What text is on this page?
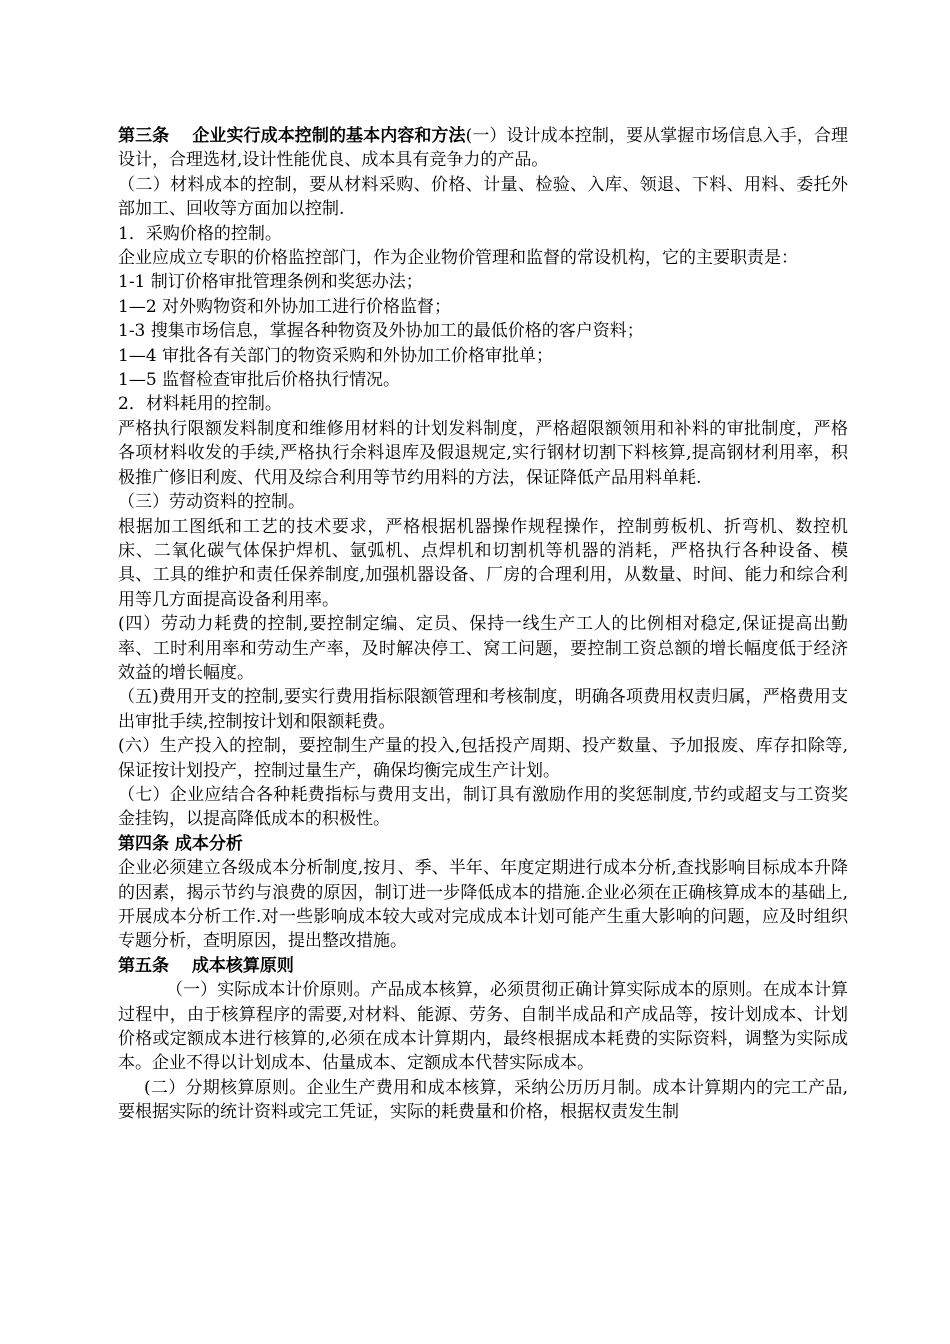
第三条　 企业实行成本控制的基本内容和方法(一）设计成本控制，要从掌握市场信息入手，合理设计，合理选材,设计性能优良、成本具有竞争力的产品。

（二）材料成本的控制，要从材料采购、价格、计量、检验、入库、领退、下料、用料、委托外部加工、回收等方面加以控制.

1．采购价格的控制。

企业应成立专职的价格监控部门，作为企业物价管理和监督的常设机构，它的主要职责是：

1-1 制订价格审批管理条例和奖惩办法；

1—2 对外购物资和外协加工进行价格监督；

1-3 搜集市场信息，掌握各种物资及外协加工的最低价格的客户资料；

1—4 审批各有关部门的物资采购和外协加工价格审批单；

1—5 监督检查审批后价格执行情况。

2．材料耗用的控制。

严格执行限额发料制度和维修用材料的计划发料制度，严格超限额领用和补料的审批制度，严格各项材料收发的手续,严格执行余料退库及假退规定,实行钢材切割下料核算,提高钢材利用率，积极推广修旧利废、代用及综合利用等节约用料的方法，保证降低产品用料单耗.

（三）劳动资料的控制。

根据加工图纸和工艺的技术要求，严格根据机器操作规程操作，控制剪板机、折弯机、数控机床、二氧化碳气体保护焊机、氩弧机、点焊机和切割机等机器的消耗，严格执行各种设备、模具、工具的维护和责任保养制度,加强机器设备、厂房的合理利用，从数量、时间、能力和综合利用等几方面提高设备利用率。

(四）劳动力耗费的控制,要控制定编、定员、保持一线生产工人的比例相对稳定,保证提高出勤率、工时利用率和劳动生产率，及时解决停工、窝工问题，要控制工资总额的增长幅度低于经济效益的增长幅度。

（五)费用开支的控制,要实行费用指标限额管理和考核制度，明确各项费用权责归属，严格费用支出审批手续,控制按计划和限额耗费。

(六）生产投入的控制，要控制生产量的投入,包括投产周期、投产数量、予加报废、库存扣除等,保证按计划投产，控制过量生产，确保均衡完成生产计划。

（七）企业应结合各种耗费指标与费用支出，制订具有激励作用的奖惩制度,节约或超支与工资奖金挂钩，以提高降低成本的积极性。

第四条 成本分析

企业必须建立各级成本分析制度,按月、季、半年、年度定期进行成本分析,查找影响目标成本升降的因素，揭示节约与浪费的原因，制订进一步降低成本的措施.企业必须在正确核算成本的基础上,开展成本分析工作.对一些影响成本较大或对完成成本计划可能产生重大影响的问题，应及时组织专题分析，查明原因，提出整改措施。

第五条　 成本核算原则

（一）实际成本计价原则。产品成本核算，必须贯彻正确计算实际成本的原则。在成本计算过程中，由于核算程序的需要,对材料、能源、劳务、自制半成品和产成品等，按计划成本、计划价格或定额成本进行核算的,必须在成本计算期内，最终根据成本耗费的实际资料，调整为实际成本。企业不得以计划成本、估量成本、定额成本代替实际成本。

(二）分期核算原则。企业生产费用和成本核算，采纳公历历月制。成本计算期内的完工产品,要根据实际的统计资料或完工凭证，实际的耗费量和价格，根据权责发生制
